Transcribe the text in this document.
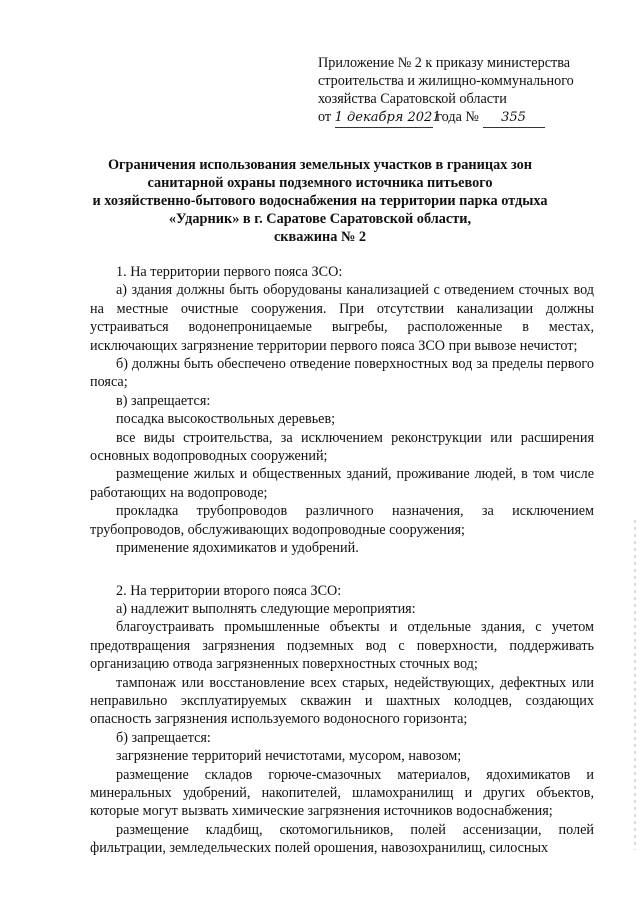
Приложение № 2 к приказу министерства
строительства и жилищно-коммунального
хозяйства Саратовской области
от 1 декабря 2021 года № 355
Ограничения использования земельных участков в границах зон
санитарной охраны подземного источника питьевого
и хозяйственно-бытового водоснабжения на территории парка отдыха
«Ударник» в г. Саратове Саратовской области,
скважина № 2

1. На территории первого пояса ЗСО:

а) здания должны быть оборудованы канализацией с отведением сточных вод на местные очистные сооружения. При отсутствии канализации должны устраиваться водонепроницаемые выгребы, расположенные в местах, исключающих загрязнение территории первого пояса ЗСО при вывозе нечистот;

б) должны быть обеспечено отведение поверхностных вод за пределы первого пояса;

в) запрещается:

посадка высокоствольных деревьев;

все виды строительства, за исключением реконструкции или расширения основных водопроводных сооружений;

размещение жилых и общественных зданий, проживание людей, в том числе работающих на водопроводе;

прокладка трубопроводов различного назначения, за исключением трубопроводов, обслуживающих водопроводные сооружения;

применение ядохимикатов и удобрений.

2. На территории второго пояса ЗСО:

а) надлежит выполнять следующие мероприятия:

благоустраивать промышленные объекты и отдельные здания, с учетом предотвращения загрязнения подземных вод с поверхности, поддерживать организацию отвода загрязненных поверхностных сточных вод;

тампонаж или восстановление всех старых, недействующих, дефектных или неправильно эксплуатируемых скважин и шахтных колодцев, создающих опасность загрязнения используемого водоносного горизонта;

б) запрещается:

загрязнение территорий нечистотами, мусором, навозом;

размещение складов горюче-смазочных материалов, ядохимикатов и минеральных удобрений, накопителей, шламохранилищ и других объектов, которые могут вызвать химические загрязнения источников водоснабжения;

размещение кладбищ, скотомогильников, полей ассенизации, полей фильтрации, земледельческих полей орошения, навозохранилищ, силосных
